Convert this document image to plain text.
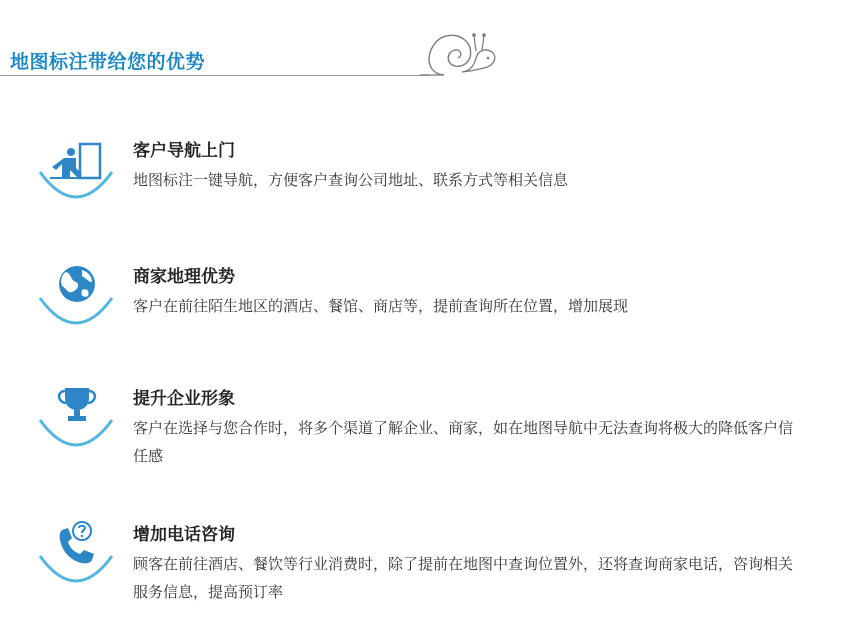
地图标注带给您的优势
客户导航上门
地图标注一键导航，方便客户查询公司地址、联系方式等相关信息
商家地理优势
客户在前往陌生地区的酒店、餐馆、商店等，提前查询所在位置，增加展现
提升企业形象
客户在选择与您合作时，将多个渠道了解企业、商家，如在地图导航中无法查询将极大的降低客户信任感
增加电话咨询
顾客在前往酒店、餐饮等行业消费时，除了提前在地图中查询位置外，还将查询商家电话，咨询相关服务信息，提高预订率
